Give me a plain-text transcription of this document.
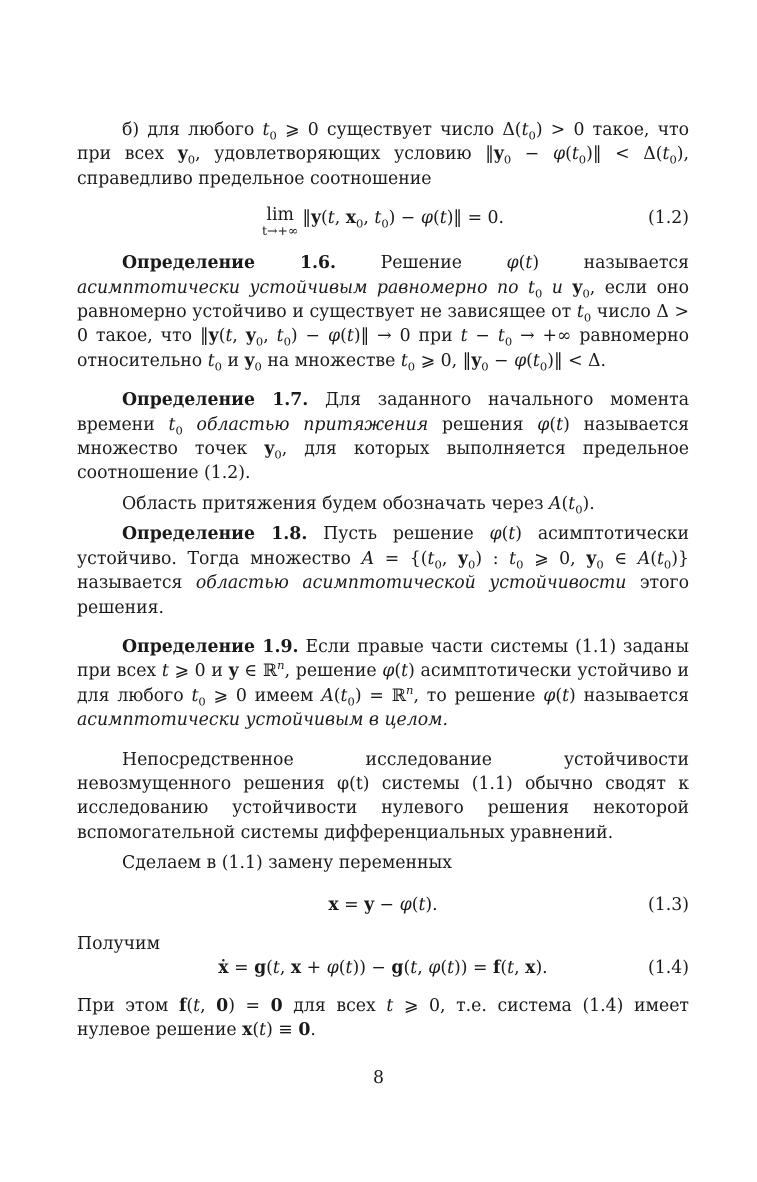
б) для любого $t_0$ ⩾ 0 существует число $\Delta(t_0) > 0$ такое, что при всех $y_0$, удовлетворяющих условию $‖y_0$ − $\varphi(t_0)‖ < \Delta(t_0)$, справедливо предельное соотношение

lim
t→+∞
‖y(t, $x_0$, $t_0$) − φ(t)‖ = 0.	(1.2)

Определение 1.6. Решение φ(t) называется асимптотически устойчивым равномерно по $t_0$ и $y_0$, если оно равномерно устойчиво и существует не зависящее от $t_0$ число Δ > 0 такое, что ‖y(t, $y_0$, $t_0$) − φ(t)‖ → 0 при $t - t_0$ → +∞ равномерно относительно $t_0$ и $y_0$ на множестве $t_0$ ⩾ 0, $‖y_0$ − $\varphi(t_0)‖ < \Delta$.

Определение 1.7. Для заданного начального момента времени $t_0$ областью притяжения решения φ(t) называется множество точек $y_0$, для которых выполняется предельное соотношение (1.2).

Область притяжения будем обозначать через $A(t_0)$.

Определение 1.8. Пусть решение φ(t) асимптотически устойчиво. Тогда множество $A = \{(t_0$, $y_0$) : $t_0$ ⩾ 0, $y_0$ ∈ $A(t_0)$} называется областью асимптотической устойчивости этого решения.

Определение 1.9. Если правые части системы (1.1) заданы при всех t ⩾ 0 и y ∈ ℝ$^n$, решение φ(t) асимптотически устойчиво и для любого $t_0$ ⩾ 0 имеем $A(t_0)$ = ℝ$^n$, то решение φ(t) называется асимптотически устойчивым в целом.

Непосредственное исследование устойчивости невозмущенного решения φ(t) системы (1.1) обычно сводят к исследованию устойчивости нулевого решения некоторой вспомогательной системы дифференциальных уравнений.

Сделаем в (1.1) замену переменных

x = y − φ(t).	(1.3)
Получим
ẋ = g(t, x + φ(t)) − g(t, φ(t)) = f(t, x).	(1.4)

При этом f(t, 0) = 0 для всех t ⩾ 0, т.е. система (1.4) имеет нулевое решение x(t) ≡ 0.

8
